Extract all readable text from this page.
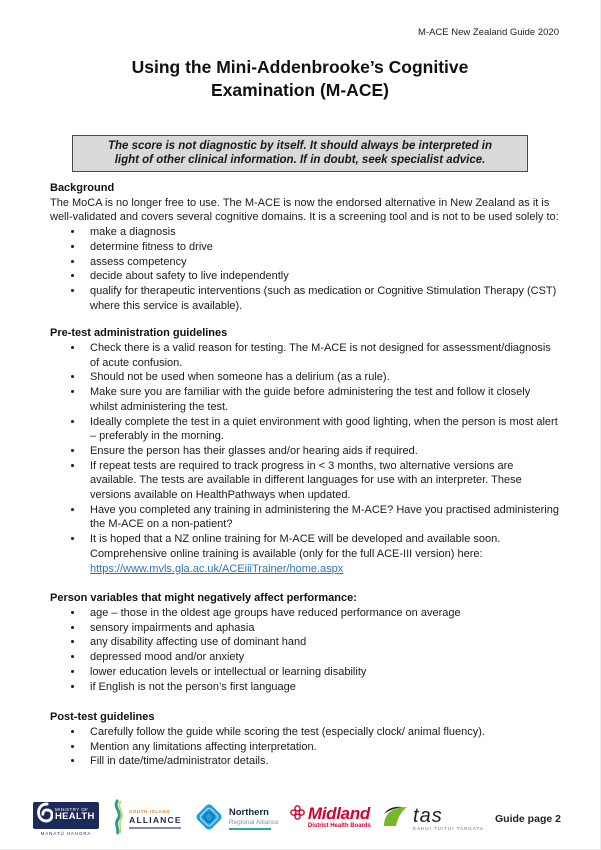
M-ACE New Zealand Guide 2020
Using the Mini-Addenbrooke’s Cognitive
Examination (M-ACE)
The score is not diagnostic by itself. It should always be interpreted in
light of other clinical information. If in doubt, seek specialist advice.
Background

The MoCA is no longer free to use. The M-ACE is now the endorsed alternative in New Zealand as it is well-validated and covers several cognitive domains. It is a screening tool and is not to be used solely to:

• make a diagnosis
• determine fitness to drive
• assess competency
• decide about safety to live independently
• qualify for therapeutic interventions (such as medication or Cognitive Stimulation Therapy (CST) where this service is available).
Pre-test administration guidelines
• Check there is a valid reason for testing. The M-ACE is not designed for assessment/diagnosis of acute confusion.
• Should not be used when someone has a delirium (as a rule).
• Make sure you are familiar with the guide before administering the test and follow it closely whilst administering the test.
• Ideally complete the test in a quiet environment with good lighting, when the person is most alert – preferably in the morning.
• Ensure the person has their glasses and/or hearing aids if required.
• If repeat tests are required to track progress in < 3 months, two alternative versions are available. The tests are available in different languages for use with an interpreter. These versions available on HealthPathways when updated.
• Have you completed any training in administering the M-ACE? Have you practised administering the M-ACE on a non-patient?
• It is hoped that a NZ online training for M-ACE will be developed and available soon. Comprehensive online training is available (only for the full ACE-III version) here:
https://www.mvls.gla.ac.uk/ACEiiiTrainer/home.aspx
Person variables that might negatively affect performance:
• age – those in the oldest age groups have reduced performance on average
• sensory impairments and aphasia
• any disability affecting use of dominant hand
• depressed mood and/or anxiety
• lower education levels or intellectual or learning disability
• if English is not the person’s first language
Post-test guidelines
• Carefully follow the guide while scoring the test (especially clock/ animal fluency).
• Mention any limitations affecting interpretation.
• Fill in date/time/administrator details.
MINISTRY OF
HEALTH
MANATŪ HAUORA
SOUTH ISLAND
ALLIANCE
Northern
Regional Alliance Midland
District Health Boards tas
KAHUI TUITUI TANGATA
Guide page 2
